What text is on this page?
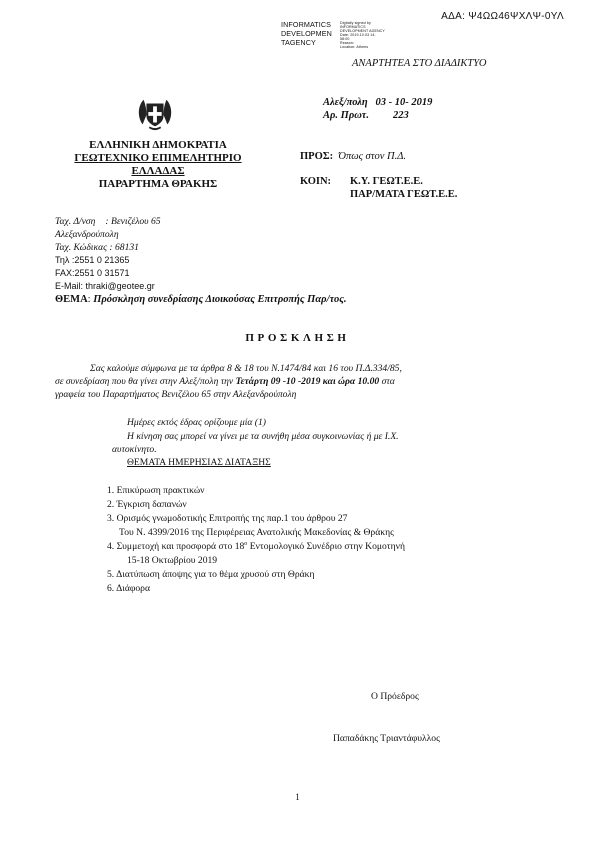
ΑΔΑ: Ψ4ΩΩ46ΨΧΛΨ-0ΥΛ
INFORMATICS
DEVELOPMEN
TAGENCY
Digitally signed by
INFORMATICS
DEVELOPMENT AGENCY
Date: 2019.10.03 14:
58:00
Reason:
Location: Athens
ΑΝΑΡΤΗΤΕΑ ΣΤΟ ΔΙΑΔΙΚΤΥΟ
ΕΛΛΗΝΙΚΗ ΔΗΜΟΚΡΑΤΙΑ
ΓΕΩΤΕΧΝΙΚΟ ΕΠΙΜΕΛΗΤΗΡΙΟ
ΕΛΛΑΔΑΣ
ΠΑΡΑΡΤΗΜΑ ΘΡΑΚΗΣ
Αλεξ/πολη 03 - 10- 2019
Αρ. Πρωτ. 223
ΠΡΟΣ: Όπως στον Π.Δ.
ΚΟΙΝ: Κ.Υ. ΓΕΩΤ.Ε.Ε.
ΠΑΡ/ΜΑΤΑ ΓΕΩΤ.Ε.Ε.
Ταχ. Δ/νση : Βενιζέλου 65
Αλεξανδρούπολη
Ταχ. Κώδικας : 68131
Τηλ :2551 0 21365
FAX:2551 0 31571
E-Mail: thraki@geotee.gr
ΘΕΜΑ: Πρόσκληση συνεδρίασης Διοικούσας Επιτροπής Παρ/τος.
ΠΡΟΣΚΛΗΣΗ
Σας καλούμε σύμφωνα με τα άρθρα 8 & 18 του Ν.1474/84 και 16 του Π.Δ.334/85,
σε συνεδρίαση που θα γίνει στην Αλεξ/πολη την Τετάρτη 09 -10 -2019 και ώρα 10.00 στα
γραφεία του Παραρτήματος Βενιζέλου 65 στην Αλεξανδρούπολη
Ημέρες εκτός έδρας ορίζουμε μία (1)
Η κίνηση σας μπορεί να γίνει με τα συνήθη μέσα συγκοινωνίας ή με Ι.Χ.
αυτοκίνητο.
ΘΕΜΑΤΑ ΗΜΕΡΗΣΙΑΣ ΔΙΑΤΑΞΗΣ
1. Επικύρωση πρακτικών
2. Έγκριση δαπανών
3. Ορισμός γνωμοδοτικής Επιτροπής της παρ.1 του άρθρου 27
Του Ν. 4399/2016 της Περιφέρειας Ανατολικής Μακεδονίας & Θράκης
4. Συμμετοχή και προσφορά στο $18^o$ Εντομολογικό Συνέδριο στην Κομοτηνή
15-18 Οκτωβρίου 2019
5. Διατύπωση άποψης για το θέμα χρυσού στη Θράκη
6. Διάφορα
Ο Πρόεδρος
Παπαδάκης Τριαντάφυλλος
1
